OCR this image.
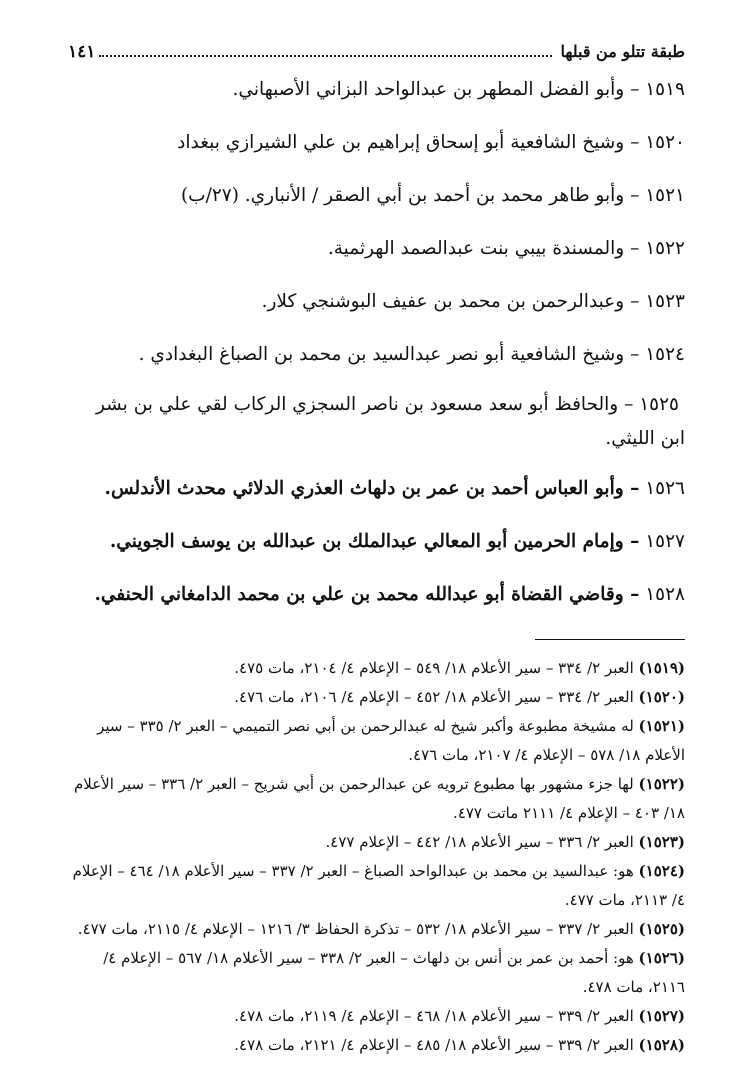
طبقة تتلو من قبلها
١٤١
١٥١٩ – وأبو الفضل المطهر بن عبدالواحد البزاني الأصبهاني.
١٥٢٠ – وشيخ الشافعية أبو إسحاق إبراهيم بن علي الشيرازي ببغداد
١٥٢١ – وأبو طاهر محمد بن أحمد بن أبي الصقر / الأنباري. (٢٧/ب)
١٥٢٢ – والمسندة بيبي بنت عبدالصمد الهرثمية.
١٥٢٣ – وعبدالرحمن بن محمد بن عفيف البوشنجي كلار.
١٥٢٤ – وشيخ الشافعية أبو نصر عبدالسيد بن محمد بن الصباغ البغدادي .
١٥٢٥ – والحافظ أبو سعد مسعود بن ناصر السجزي الركاب لقي علي بن بشر ابن الليثي.
١٥٢٦ – وأبو العباس أحمد بن عمر بن دلهاث العذري الدلائي محدث الأندلس.
١٥٢٧ – وإمام الحرمين أبو المعالي عبدالملك بن عبدالله بن يوسف الجويني.
١٥٢٨ – وقاضي القضاة أبو عبدالله محمد بن علي بن محمد الدامغاني الحنفي.
(١٥١٩) العبر ٢/ ٣٣٤ – سير الأعلام ١٨/ ٥٤٩ – الإعلام ٤/ ٢١٠٤، مات ٤٧٥.
(١٥٢٠) العبر ٢/ ٣٣٤ – سير الأعلام ١٨/ ٤٥٢ – الإعلام ٤/ ٢١٠٦، مات ٤٧٦.
(١٥٢١) له مشيخة مطبوعة وأكبر شيخ له عبدالرحمن بن أبي نصر التميمي – العبر ٢/ ٣٣٥ – سير الأعلام ١٨/ ٥٧٨ – الإعلام ٤/ ٢١٠٧، مات ٤٧٦.
(١٥٢٢) لها جزء مشهور بها مطبوع ترويه عن عبدالرحمن بن أبي شريح – العبر ٢/ ٣٣٦ – سير الأعلام ١٨/ ٤٠٣ – الإعلام ٤/ ٢١١١ ماتت ٤٧٧.
(١٥٢٣) العبر ٢/ ٣٣٦ – سير الأعلام ١٨/ ٤٤٢ – الإعلام ٤٧٧.
(١٥٢٤) هو: عبدالسيد بن محمد بن عبدالواحد الصباغ – العبر ٢/ ٣٣٧ – سير الأعلام ١٨/ ٤٦٤ – الإعلام ٤/ ٢١١٣، مات ٤٧٧.
(١٥٢٥) العبر ٢/ ٣٣٧ – سير الأعلام ١٨/ ٥٣٢ – تذكرة الحفاظ ٣/ ١٢١٦ – الإعلام ٤/ ٢١١٥، مات ٤٧٧.
(١٥٢٦) هو: أحمد بن عمر بن أنس بن دلهاث – العبر ٢/ ٣٣٨ – سير الأعلام ١٨/ ٥٦٧ – الإعلام ٤/ ٢١١٦، مات ٤٧٨.
(١٥٢٧) العبر ٢/ ٣٣٩ – سير الأعلام ١٨/ ٤٦٨ – الإعلام ٤/ ٢١١٩، مات ٤٧٨.
(١٥٢٨) العبر ٢/ ٣٣٩ – سير الأعلام ١٨/ ٤٨٥ – الإعلام ٤/ ٢١٢١، مات ٤٧٨.
